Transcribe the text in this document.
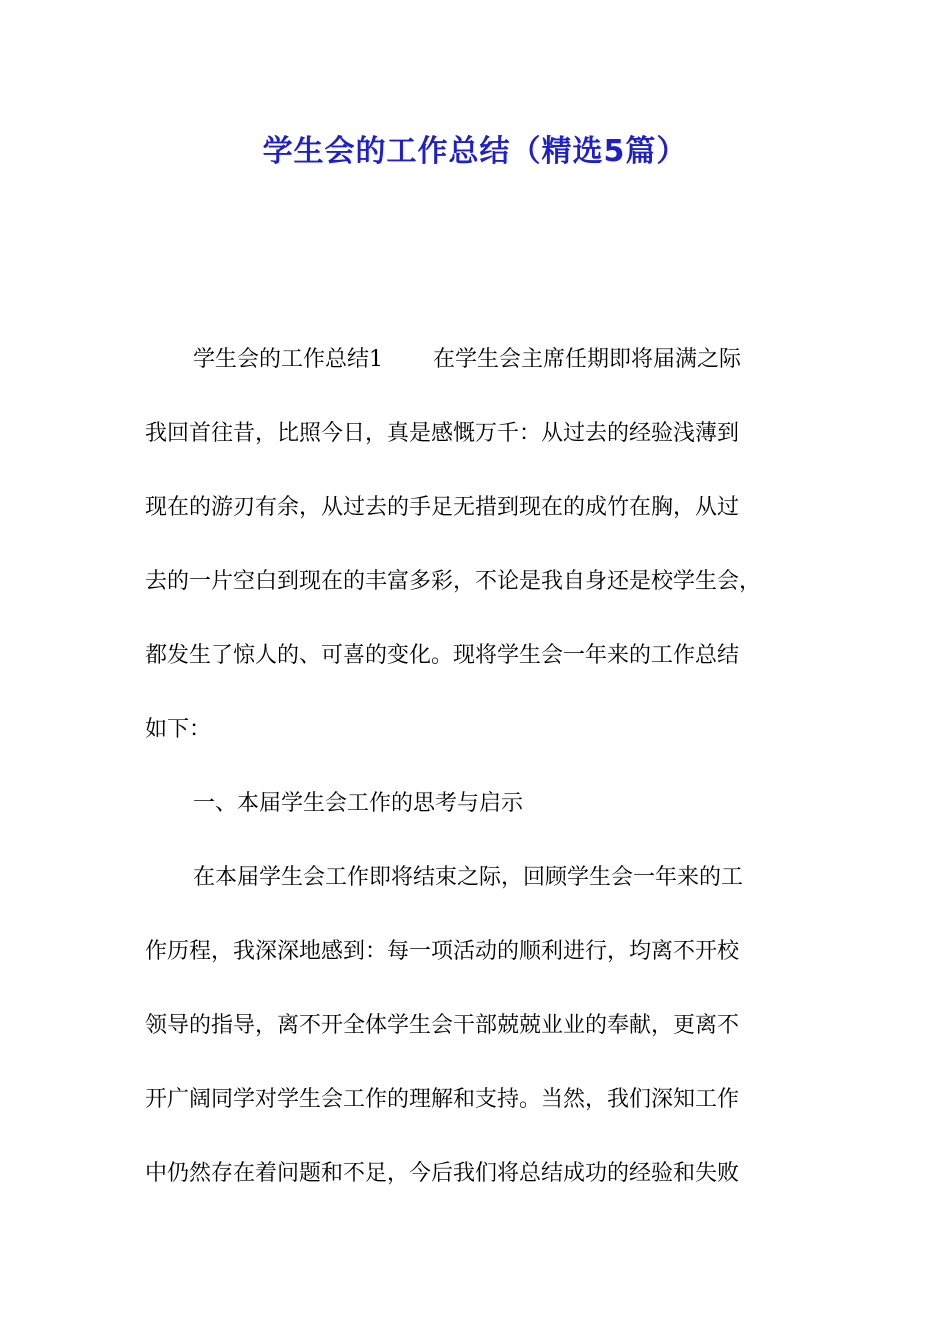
学生会的工作总结（精选5篇）
学生会的工作总结1 在学生会主席任期即将届满之际
我回首往昔，比照今日，真是感慨万千：从过去的经验浅薄到
现在的游刃有余，从过去的手足无措到现在的成竹在胸，从过
去的一片空白到现在的丰富多彩，不论是我自身还是校学生会，
都发生了惊人的、可喜的变化。现将学生会一年来的工作总结
如下：
一、本届学生会工作的思考与启示
在本届学生会工作即将结束之际，回顾学生会一年来的工
作历程，我深深地感到：每一项活动的顺利进行，均离不开校
领导的指导，离不开全体学生会干部兢兢业业的奉献，更离不
开广阔同学对学生会工作的理解和支持。当然，我们深知工作
中仍然存在着问题和不足，今后我们将总结成功的经验和失败
